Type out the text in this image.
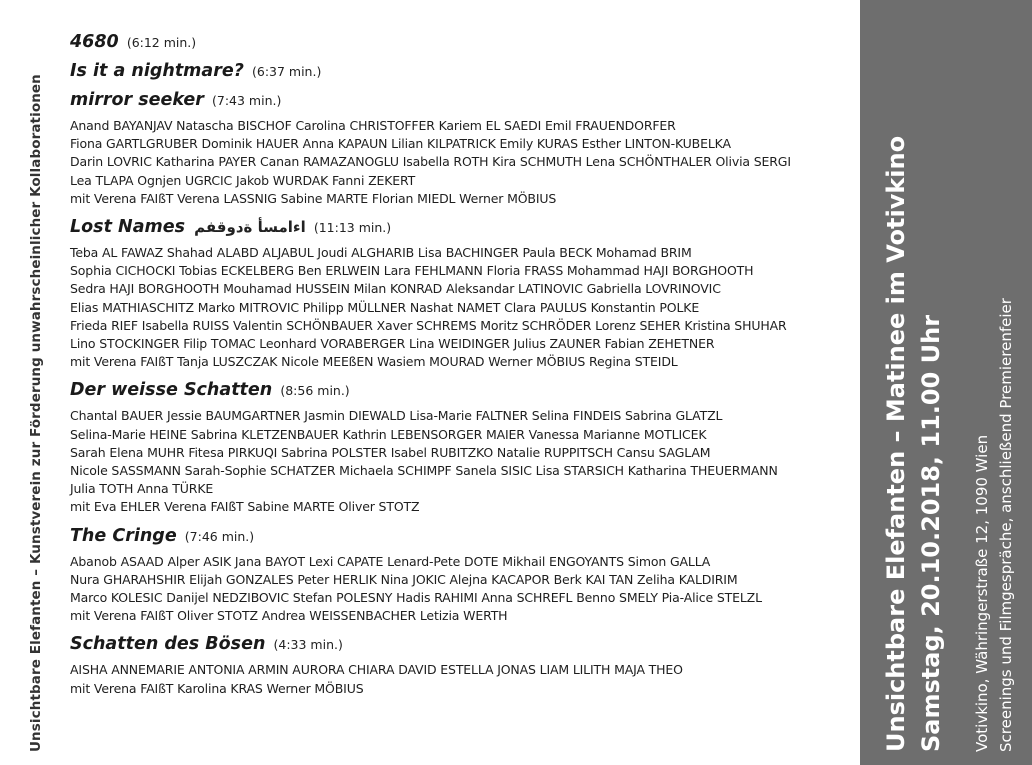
Unsichtbare Elefanten – Kunstverein zur Förderung unwahrscheinlicher Kollaborationen
4680 (6:12 min.)
Is it a nightmare? (6:37 min.)
mirror seeker (7:43 min.)
Anand BAYANJAV Natascha BISCHOF Carolina CHRISTOFFER Kariem EL SAEDI Emil FRAUENDORFER
Fiona GARTLGRUBER Dominik HAUER Anna KAPAUN Lilian KILPATRICK Emily KURAS Esther LINTON-KUBELKA
Darin LOVRIC Katharina PAYER Canan RAMAZANOGLU Isabella ROTH Kira SCHMUTH Lena SCHÖNTHALER Olivia SERGI
Lea TLAPA Ognjen UGRCIC Jakob WURDAK Fanni ZEKERT
mit Verena FAIßT Verena LASSNIG Sabine MARTE Florian MIEDL Werner MÖBIUS
Lost Names اءامسأ ةدوقفم (11:13 min.)
Teba AL FAWAZ Shahad ALABD ALJABUL Joudi ALGHARIB Lisa BACHINGER Paula BECK Mohamad BRIM
Sophia CICHOCKI Tobias ECKELBERG Ben ERLWEIN Lara FEHLMANN Floria FRASS Mohammad HAJI BORGHOOTH
Sedra HAJI BORGHOOTH Mouhamad HUSSEIN Milan KONRAD Aleksandar LATINOVIC Gabriella LOVRINOVIC
Elias MATHIASCHITZ Marko MITROVIC Philipp MÜLLNER Nashat NAMET Clara PAULUS Konstantin POLKE
Frieda RIEF Isabella RUISS Valentin SCHÖNBAUER Xaver SCHREMS Moritz SCHRÖDER Lorenz SEHER Kristina SHUHAR
Lino STOCKINGER Filip TOMAC Leonhard VORABERGER Lina WEIDINGER Julius ZAUNER Fabian ZEHETNER
mit Verena FAIßT Tanja LUSZCZAK Nicole MEEßEN Wasiem MOURAD Werner MÖBIUS Regina STEIDL
Der weisse Schatten (8:56 min.)
Chantal BAUER Jessie BAUMGARTNER Jasmin DIEWALD Lisa-Marie FALTNER Selina FINDEIS Sabrina GLATZL
Selina-Marie HEINE Sabrina KLETZENBAUER Kathrin LEBENSORGER MAIER Vanessa Marianne MOTLICEK
Sarah Elena MUHR Fitesa PIRKUQI Sabrina POLSTER Isabel RUBITZKO Natalie RUPPITSCH Cansu SAGLAM
Nicole SASSMANN Sarah-Sophie SCHATZER Michaela SCHIMPF Sanela SISIC Lisa STARSICH Katharina THEUERMANN
Julia TOTH Anna TÜRKE
mit Eva EHLER Verena FAIßT Sabine MARTE Oliver STOTZ
The Cringe (7:46 min.)
Abanob ASAAD Alper ASIK Jana BAYOT Lexi CAPATE Lenard-Pete DOTE Mikhail ENGOYANTS Simon GALLA
Nura GHARAHSHIR Elijah GONZALES Peter HERLIK Nina JOKIC Alejna KACAPOR Berk KAI TAN Zeliha KALDIRIM
Marco KOLESIC Danijel NEDZIBOVIC Stefan POLESNY Hadis RAHIMI Anna SCHREFL Benno SMELY Pia-Alice STELZL
mit Verena FAIßT Oliver STOTZ Andrea WEISSENBACHER Letizia WERTH
Schatten des Bösen (4:33 min.)
AISHA ANNEMARIE ANTONIA ARMIN AURORA CHIARA DAVID ESTELLA JONAS LIAM LILITH MAJA THEO
mit Verena FAIßT Karolina KRAS Werner MÖBIUS	Unsichtbare Elefanten – Matinee im Votivkino Samstag, 20.10.2018, 11.00 Uhr Votivkino, Währingerstraße 12, 1090 Wien Screenings und Filmgespräche, anschließend Premierenfeier
